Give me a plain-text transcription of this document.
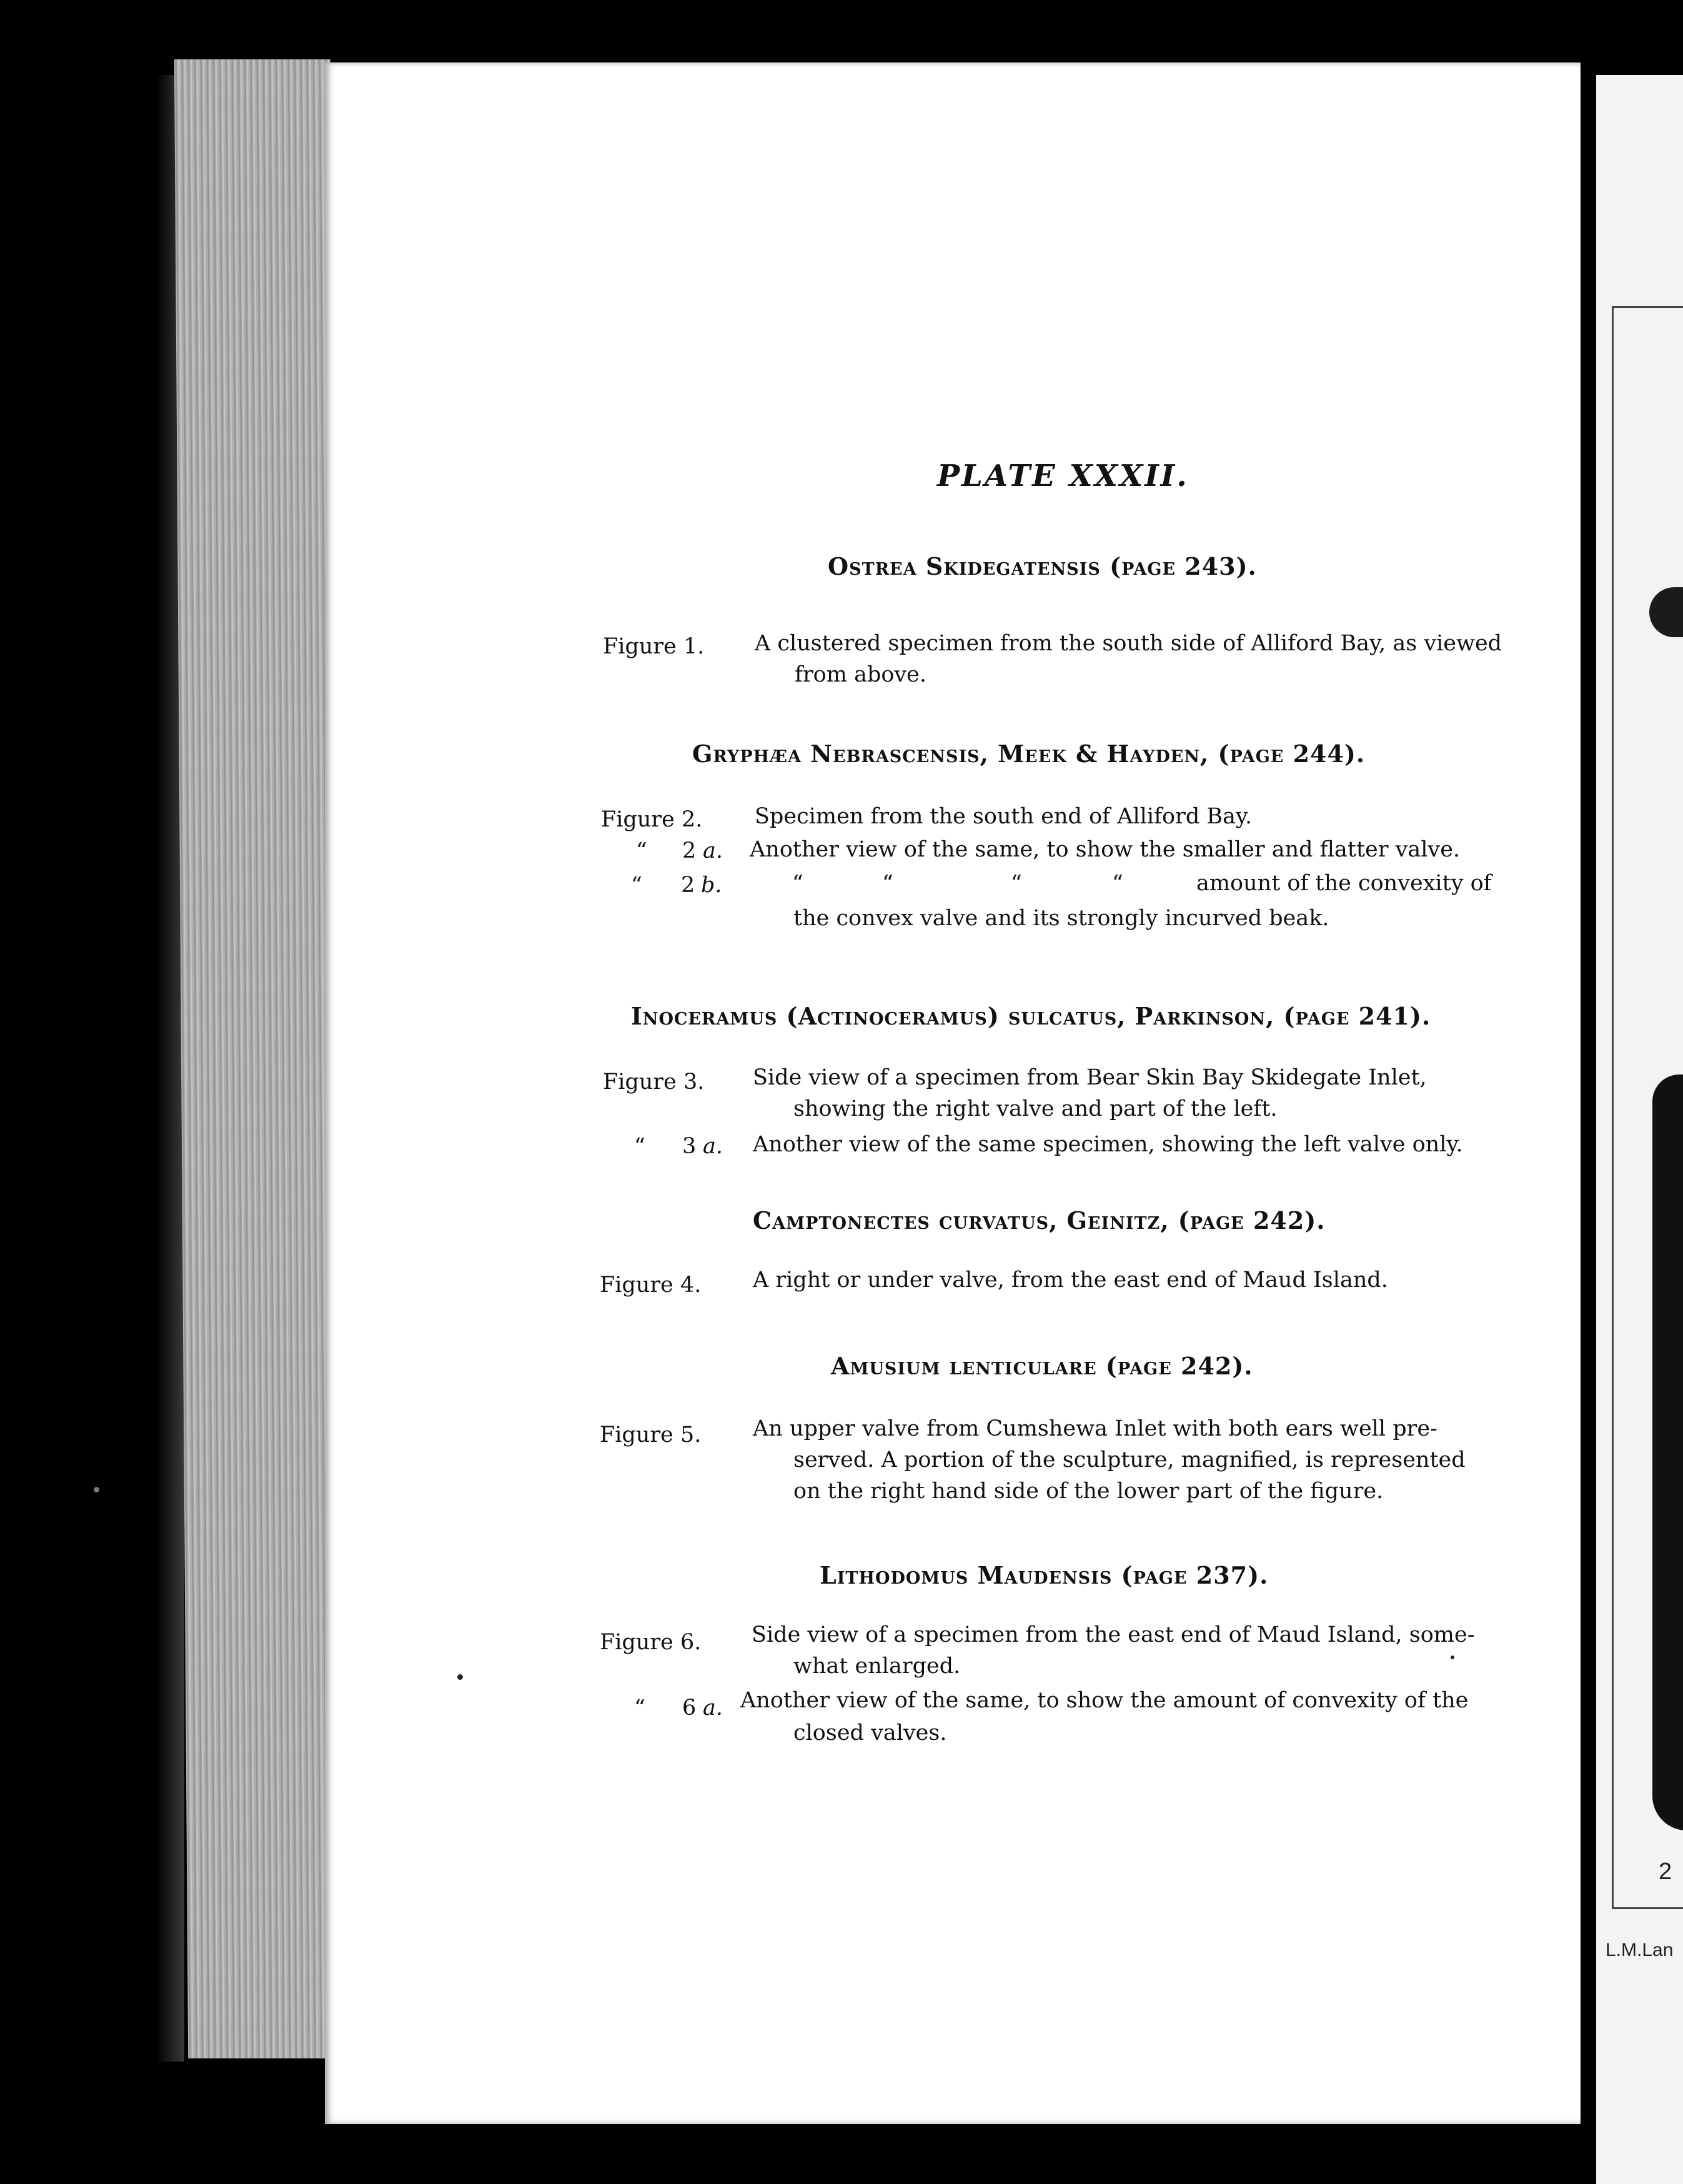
2
L.M.Lan
PLATE XXXII.
Ostrea Skidegatensis (page 243).
Figure 1. A clustered specimen from the south side of Alliford Bay, as viewed
from above.
Gryphæa Nebrascensis, Meek & Hayden, (page 244).
Figure 2. Specimen from the south end of Alliford Bay.
“ 2 a. Another view of the same, to show the smaller and flatter valve.
“ 2 b.	“	“	“	“	amount of the convexity of
the convex valve and its strongly incurved beak.
Inoceramus (Actinoceramus) sulcatus, Parkinson, (page 241).
Figure 3. Side view of a specimen from Bear Skin Bay Skidegate Inlet,
showing the right valve and part of the left.
“ 3 a. Another view of the same specimen, showing the left valve only.
Camptonectes curvatus, Geinitz, (page 242).
Figure 4. A right or under valve, from the east end of Maud Island.
Amusium lenticulare (page 242).
Figure 5. An upper valve from Cumshewa Inlet with both ears well pre-
served. A portion of the sculpture, magnified, is represented
on the right hand side of the lower part of the figure.
Lithodomus Maudensis (page 237).
Figure 6. Side view of a specimen from the east end of Maud Island, some-
what enlarged.
“ 6 a. Another view of the same, to show the amount of convexity of the
closed valves.
